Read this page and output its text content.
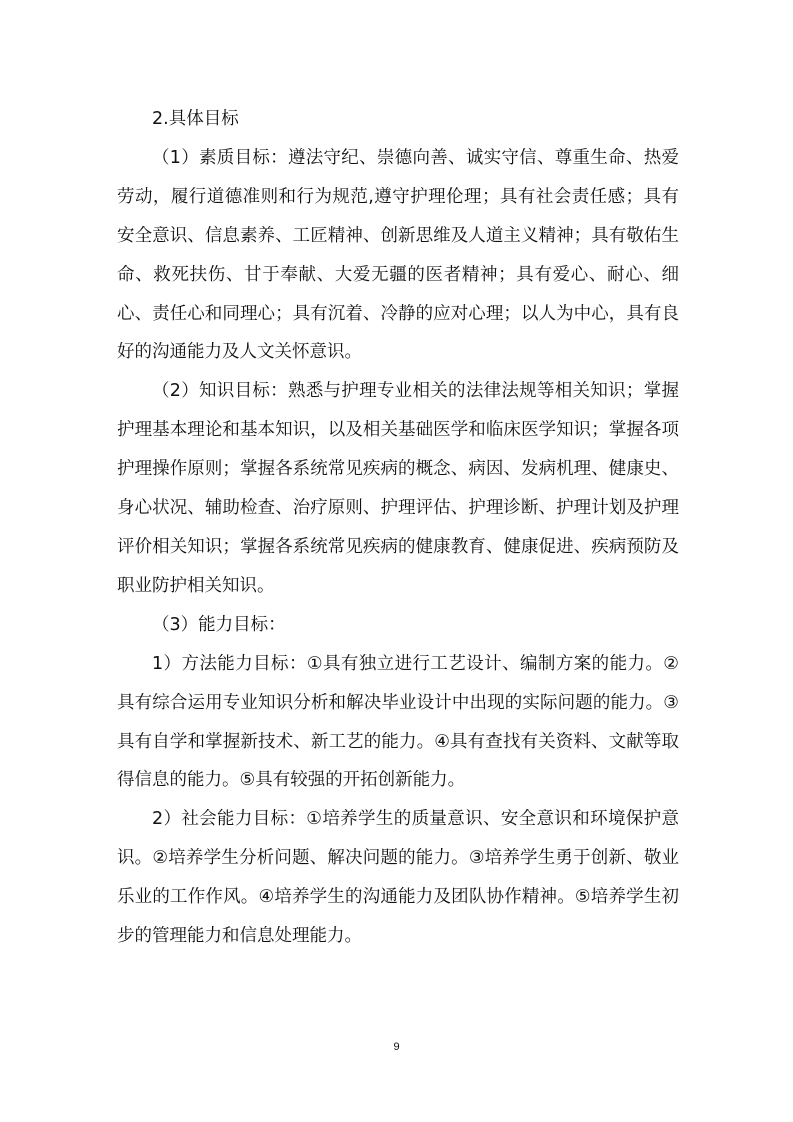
2.具体目标

（1）素质目标：遵法守纪、崇德向善、诚实守信、尊重生命、热爱劳动，履行道德准则和行为规范,遵守护理伦理；具有社会责任感；具有安全意识、信息素养、工匠精神、创新思维及人道主义精神；具有敬佑生命、救死扶伤、甘于奉献、大爱无疆的医者精神；具有爱心、耐心、细心、责任心和同理心；具有沉着、冷静的应对心理；以人为中心，具有良好的沟通能力及人文关怀意识。

（2）知识目标：熟悉与护理专业相关的法律法规等相关知识；掌握护理基本理论和基本知识，以及相关基础医学和临床医学知识；掌握各项护理操作原则；掌握各系统常见疾病的概念、病因、发病机理、健康史、身心状况、辅助检查、治疗原则、护理评估、护理诊断、护理计划及护理评价相关知识；掌握各系统常见疾病的健康教育、健康促进、疾病预防及职业防护相关知识。

（3）能力目标：

1）方法能力目标：①具有独立进行工艺设计、编制方案的能力。②具有综合运用专业知识分析和解决毕业设计中出现的实际问题的能力。③具有自学和掌握新技术、新工艺的能力。④具有查找有关资料、文献等取得信息的能力。⑤具有较强的开拓创新能力。

2）社会能力目标：①培养学生的质量意识、安全意识和环境保护意识。②培养学生分析问题、解决问题的能力。③培养学生勇于创新、敬业乐业的工作作风。④培养学生的沟通能力及团队协作精神。⑤培养学生初步的管理能力和信息处理能力。

9
